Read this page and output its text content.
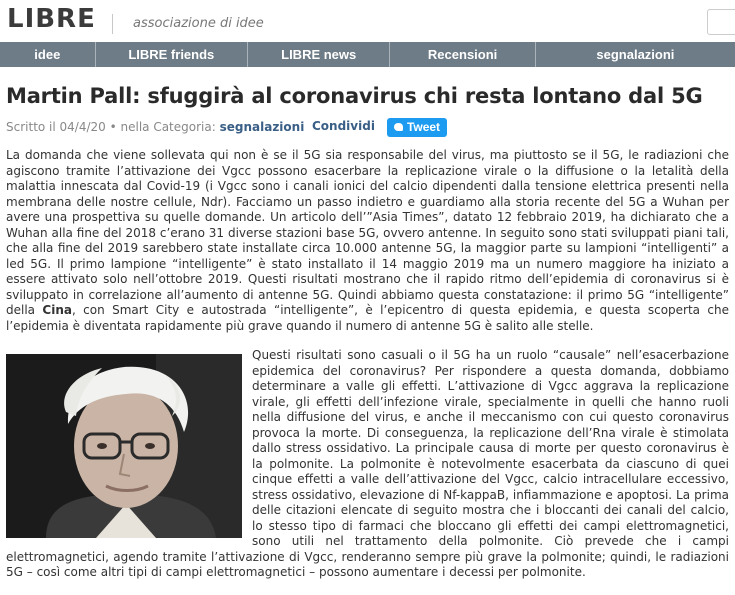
LIBRE	associazione di idee
idee	LIBRE friends	LIBRE news	Recensioni	segnalazioni
Martin Pall: sfuggirà al coronavirus chi resta lontano dal 5G
Scritto il 04/4/20 • nella Categoria: segnalazioni Condividi	Tweet

La domanda che viene sollevata qui non è se il 5G sia responsabile del virus, ma piuttosto se il 5G, le radiazioni che agiscono tramite l’attivazione dei Vgcc possono esacerbare la replicazione virale o la diffusione o la letalità della malattia innescata dal Covid-19 (i Vgcc sono i canali ionici del calcio dipendenti dalla tensione elettrica presenti nella membrana delle nostre cellule, Ndr). Facciamo un passo indietro e guardiamo alla storia recente del 5G a Wuhan per avere una prospettiva su quelle domande. Un articolo dell’”Asia Times”, datato 12 febbraio 2019, ha dichiarato che a Wuhan alla fine del 2018 c’erano 31 diverse stazioni base 5G, ovvero antenne. In seguito sono stati sviluppati piani tali, che alla fine del 2019 sarebbero state installate circa 10.000 antenne 5G, la maggior parte su lampioni “intelligenti” a led 5G. Il primo lampione “intelligente” è stato installato il 14 maggio 2019 ma un numero maggiore ha iniziato a essere attivato solo nell’ottobre 2019. Questi risultati mostrano che il rapido ritmo dell’epidemia di coronavirus si è sviluppato in correlazione all’aumento di antenne 5G. Quindi abbiamo questa constatazione: il primo 5G “intelligente” della Cina, con Smart City e autostrada “intelligente”, è l’epicentro di questa epidemia, e questa scoperta che l’epidemia è diventata rapidamente più grave quando il numero di antenne 5G è salito alle stelle.

Questi risultati sono casuali o il 5G ha un ruolo “causale” nell’esacerbazione epidemica del coronavirus? Per rispondere a questa domanda, dobbiamo determinare a valle gli effetti. L’attivazione di Vgcc aggrava la replicazione virale, gli effetti dell’infezione virale, specialmente in quelli che hanno ruoli nella diffusione del virus, e anche il meccanismo con cui questo coronavirus provoca la morte. Di conseguenza, la replicazione dell’Rna virale è stimolata dallo stress ossidativo. La principale causa di morte per questo coronavirus è la polmonite. La polmonite è notevolmente esacerbata da ciascuno di quei cinque effetti a valle dell’attivazione del Vgcc, calcio intracellulare eccessivo, stress ossidativo, elevazione di Nf-kappaB, infiammazione e apoptosi. La prima delle citazioni elencate di seguito mostra che i bloccanti dei canali del calcio, lo stesso tipo di farmaci che bloccano gli effetti dei campi elettromagnetici, sono utili nel trattamento della polmonite. Ciò prevede che i campi elettromagnetici, agendo tramite l’attivazione di Vgcc, renderanno sempre più grave la polmonite; quindi, le radiazioni 5G – così come altri tipi di campi elettromagnetici – possono aumentare i decessi per polmonite.
